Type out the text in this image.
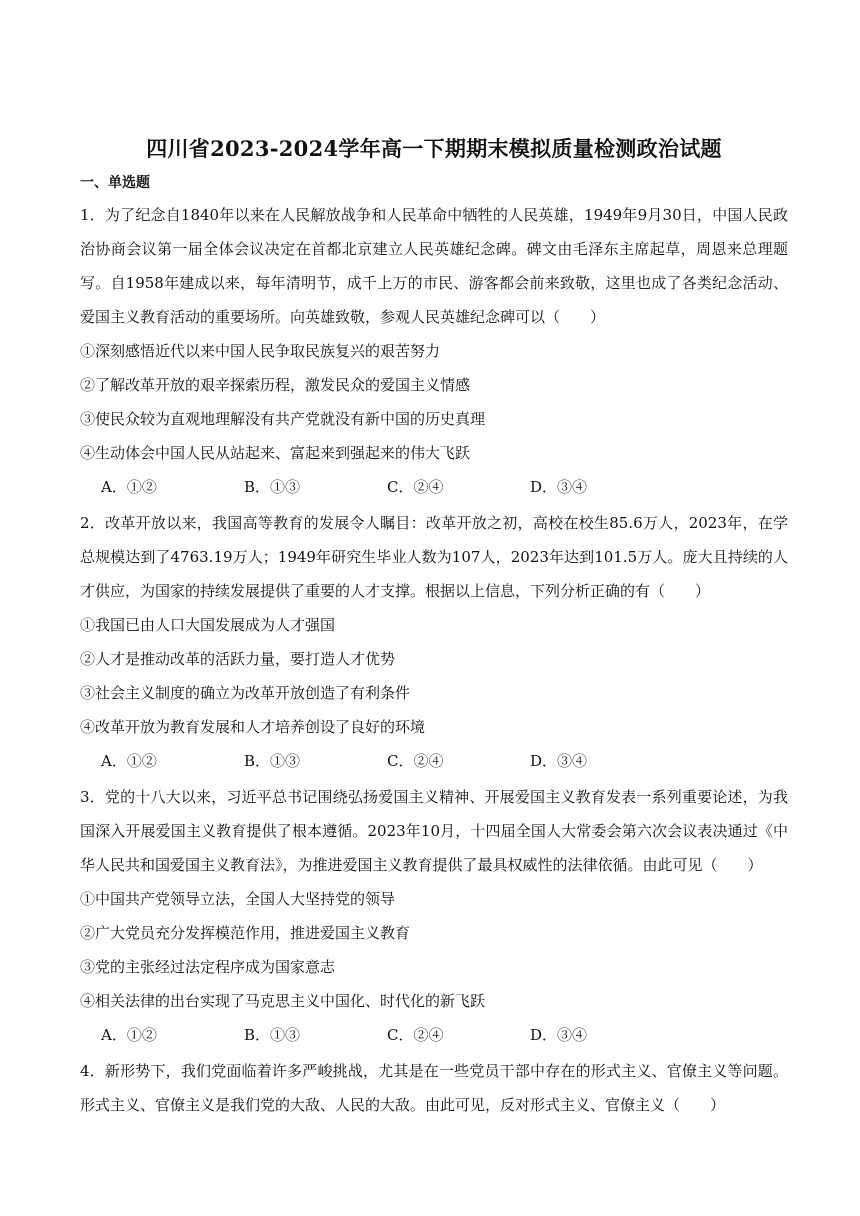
四川省2023-2024学年高一下期期末模拟质量检测政治试题
一、单选题

1．为了纪念自1840年以来在人民解放战争和人民革命中牺牲的人民英雄，1949年9月30日，中国人民政治协商会议第一届全体会议决定在首都北京建立人民英雄纪念碑。碑文由毛泽东主席起草，周恩来总理题写。自1958年建成以来，每年清明节，成千上万的市民、游客都会前来致敬，这里也成了各类纪念活动、爱国主义教育活动的重要场所。向英雄致敬，参观人民英雄纪念碑可以（　　）

①深刻感悟近代以来中国人民争取民族复兴的艰苦努力

②了解改革开放的艰辛探索历程，激发民众的爱国主义情感

③使民众较为直观地理解没有共产党就没有新中国的历史真理

④生动体会中国人民从站起来、富起来到强起来的伟大飞跃

A．①②	B．①③	C．②④	D．③④

2．改革开放以来，我国高等教育的发展令人瞩目：改革开放之初，高校在校生85.6万人，2023年，在学总规模达到了4763.19万人；1949年研究生毕业人数为107人，2023年达到101.5万人。庞大且持续的人才供应，为国家的持续发展提供了重要的人才支撑。根据以上信息，下列分析正确的有（　　）

①我国已由人口大国发展成为人才强国

②人才是推动改革的活跃力量，要打造人才优势

③社会主义制度的确立为改革开放创造了有利条件

④改革开放为教育发展和人才培养创设了良好的环境

A．①②	B．①③	C．②④	D．③④

3．党的十八大以来，习近平总书记围绕弘扬爱国主义精神、开展爱国主义教育发表一系列重要论述，为我国深入开展爱国主义教育提供了根本遵循。2023年10月，十四届全国人大常委会第六次会议表决通过《中华人民共和国爱国主义教育法》，为推进爱国主义教育提供了最具权威性的法律依循。由此可见（　　）

①中国共产党领导立法，全国人大坚持党的领导

②广大党员充分发挥模范作用，推进爱国主义教育

③党的主张经过法定程序成为国家意志

④相关法律的出台实现了马克思主义中国化、时代化的新飞跃

A．①②	B．①③	C．②④	D．③④

4．新形势下，我们党面临着许多严峻挑战，尤其是在一些党员干部中存在的形式主义、官僚主义等问题。形式主义、官僚主义是我们党的大敌、人民的大敌。由此可见，反对形式主义、官僚主义（　　）
